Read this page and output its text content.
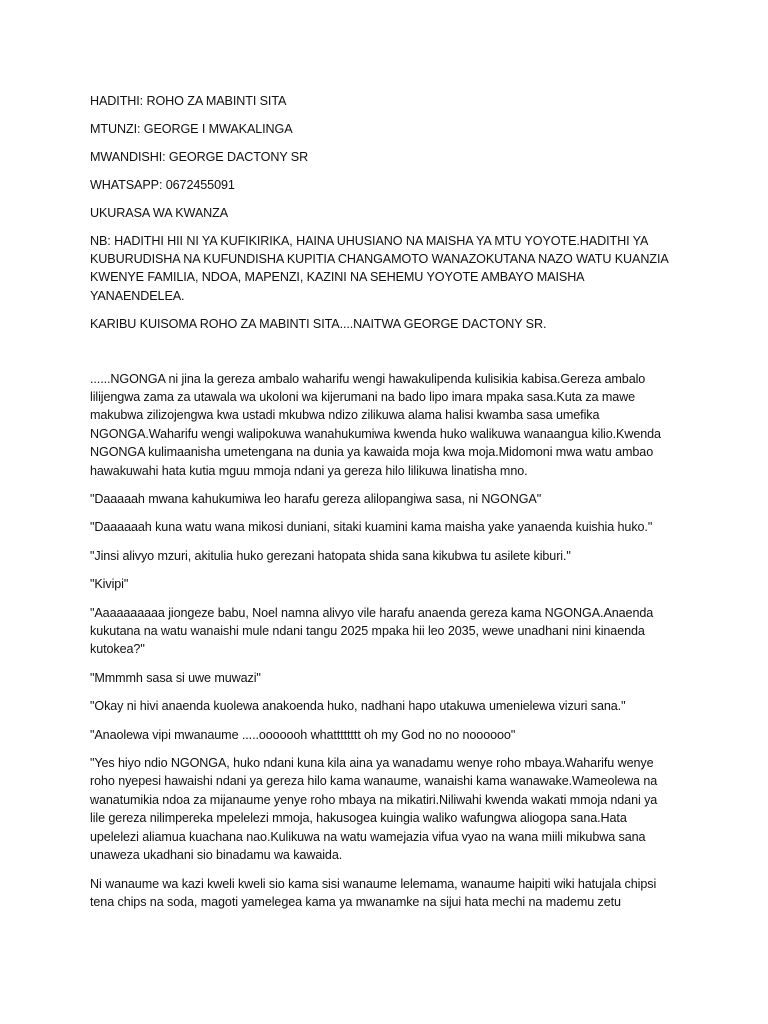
HADITHI: ROHO ZA MABINTI SITA
MTUNZI: GEORGE I MWAKALINGA
MWANDISHI: GEORGE DACTONY SR
WHATSAPP: 0672455091
UKURASA WA KWANZA
NB: HADITHI HII NI YA KUFIKIRIKA, HAINA UHUSIANO NA MAISHA YA MTU YOYOTE.HADITHI YA KUBURUDISHA NA KUFUNDISHA KUPITIA CHANGAMOTO WANAZOKUTANA NAZO WATU KUANZIA KWENYE FAMILIA, NDOA, MAPENZI, KAZINI NA SEHEMU YOYOTE AMBAYO MAISHA YANAENDELEA.
KARIBU KUISOMA ROHO ZA MABINTI SITA....NAITWA GEORGE DACTONY SR.
......NGONGA ni jina la gereza ambalo waharifu wengi hawakulipenda kulisikia kabisa.Gereza ambalo lilijengwa zama za utawala wa ukoloni wa kijerumani na bado lipo imara mpaka sasa.Kuta za mawe makubwa zilizojengwa kwa ustadi mkubwa ndizo zilikuwa alama halisi kwamba sasa umefika NGONGA.Waharifu wengi walipokuwa wanahukumiwa kwenda huko walikuwa wanaangua kilio.Kwenda NGONGA kulimaanisha umetengana na dunia ya kawaida moja kwa moja.Midomoni mwa watu ambao hawakuwahi hata kutia mguu mmoja ndani ya gereza hilo lilikuwa linatisha mno.
"Daaaaah mwana kahukumiwa leo harafu gereza alilopangiwa sasa, ni NGONGA"
"Daaaaaah kuna watu wana mikosi duniani, sitaki kuamini kama maisha yake yanaenda kuishia huko."
"Jinsi alivyo mzuri, akitulia huko gerezani hatopata shida sana kikubwa tu asilete kiburi."
"Kivipi"
"Aaaaaaaaaa jiongeze babu, Noel namna alivyo vile harafu anaenda gereza kama NGONGA.Anaenda kukutana na watu wanaishi mule ndani tangu 2025 mpaka hii leo 2035, wewe unadhani nini kinaenda kutokea?"
"Mmmmh sasa si uwe muwazi"
"Okay ni hivi anaenda kuolewa anakoenda huko, nadhani hapo utakuwa umenielewa vizuri sana."
"Anaolewa vipi mwanaume .....ooooooh whatttttttt oh my God no no noooooo"
"Yes hiyo ndio NGONGA, huko ndani kuna kila aina ya wanadamu wenye roho mbaya.Waharifu wenye roho nyepesi hawaishi ndani ya gereza hilo kama wanaume, wanaishi kama wanawake.Wameolewa na wanatumikia ndoa za mijanaume yenye roho mbaya na mikatiri.Niliwahi kwenda wakati mmoja ndani ya lile gereza nilimpereka mpelelezi mmoja, hakusogea kuingia waliko wafungwa aliogopa sana.Hata upelelezi aliamua kuachana nao.Kulikuwa na watu wamejazia vifua vyao na wana miili mikubwa sana unaweza ukadhani sio binadamu wa kawaida.
Ni wanaume wa kazi kweli kweli sio kama sisi wanaume lelemama, wanaume haipiti wiki hatujala chipsi tena chips na soda, magoti yamelegea kama ya mwanamke na sijui hata mechi na mademu zetu
